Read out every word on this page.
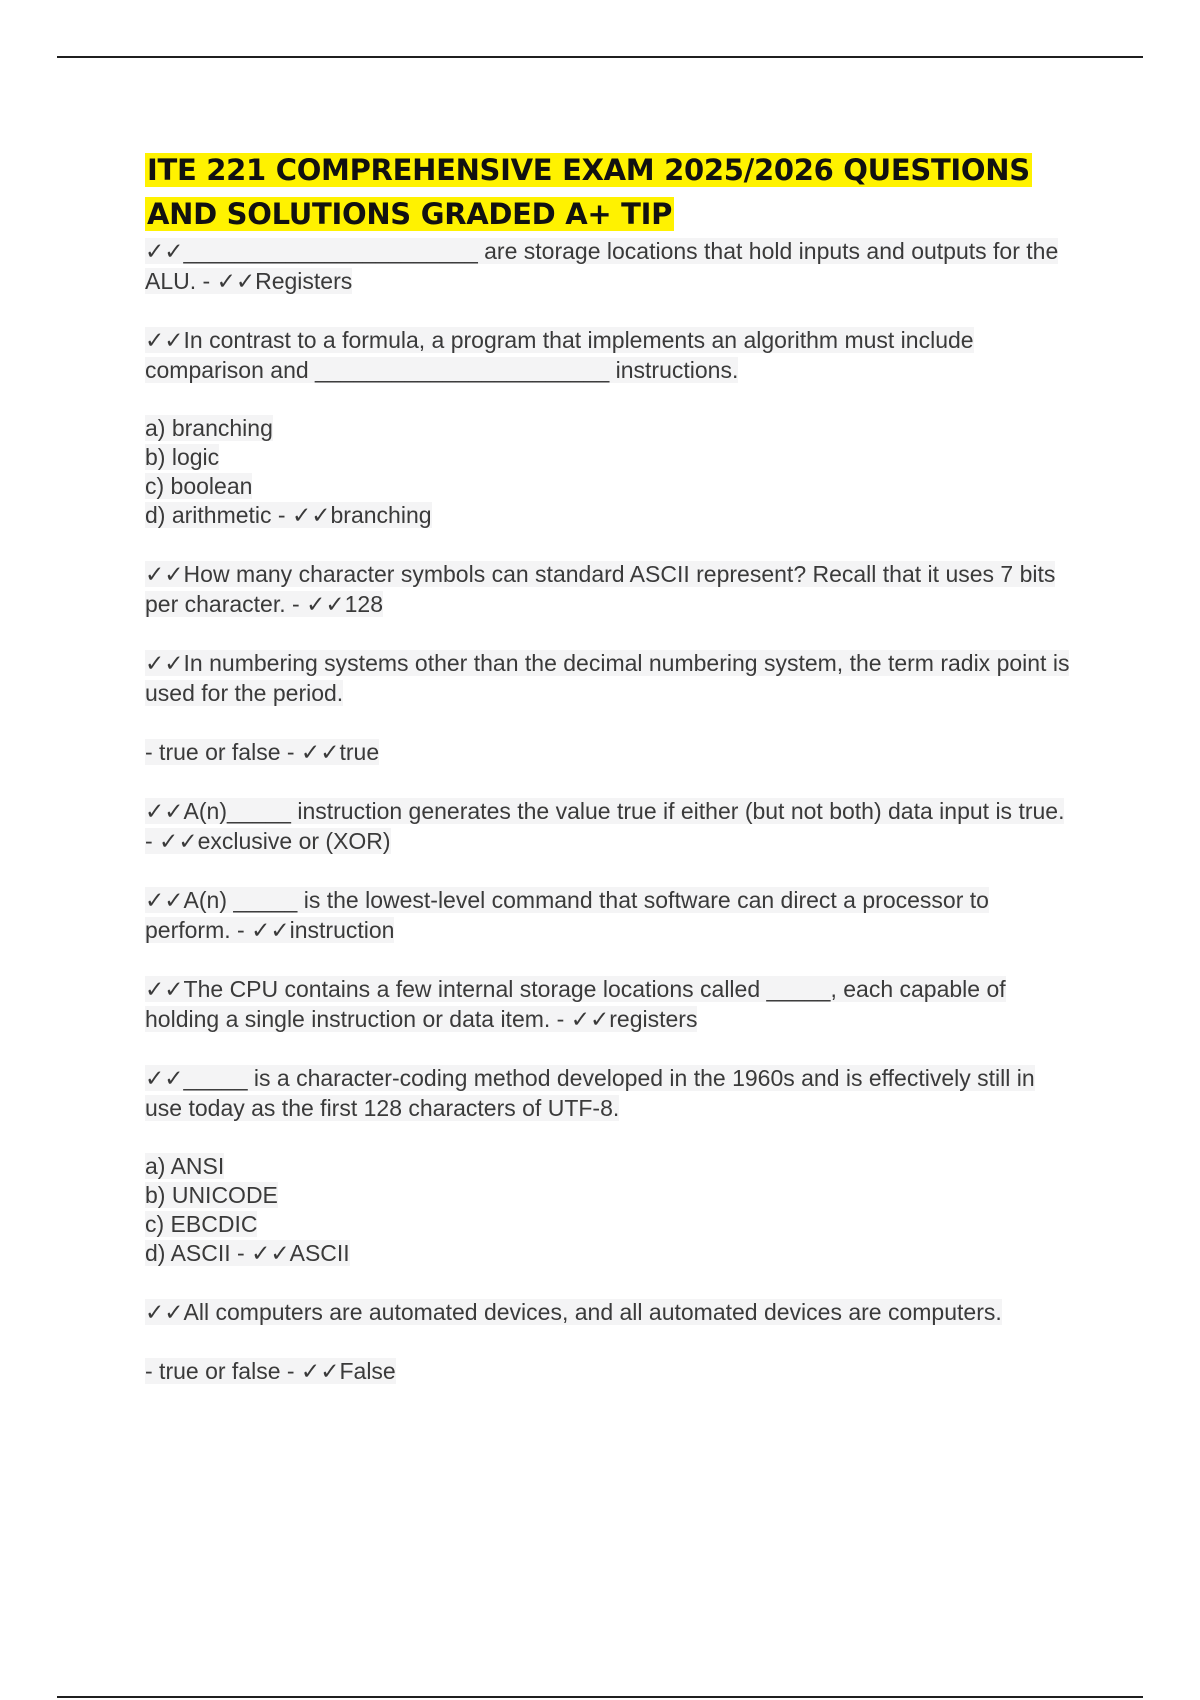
ITE 221 COMPREHENSIVE EXAM 2025/2026 QUESTIONS AND SOLUTIONS GRADED A+ TIP

✓✓_______________________ are storage locations that hold inputs and outputs for the ALU. - ✓✓Registers

✓✓In contrast to a formula, a program that implements an algorithm must include comparison and _______________________ instructions.

a) branching
b) logic
c) boolean
d) arithmetic - ✓✓branching

✓✓How many character symbols can standard ASCII represent? Recall that it uses 7 bits per character. - ✓✓128

✓✓In numbering systems other than the decimal numbering system, the term radix point is used for the period.

- true or false - ✓✓true

✓✓A(n)_____ instruction generates the value true if either (but not both) data input is true. - ✓✓exclusive or (XOR)

✓✓A(n) _____ is the lowest-level command that software can direct a processor to perform. - ✓✓instruction

✓✓The CPU contains a few internal storage locations called _____, each capable of holding a single instruction or data item. - ✓✓registers

✓✓_____ is a character-coding method developed in the 1960s and is effectively still in use today as the first 128 characters of UTF-8.

a) ANSI
b) UNICODE
c) EBCDIC
d) ASCII - ✓✓ASCII

✓✓All computers are automated devices, and all automated devices are computers.

- true or false - ✓✓False
